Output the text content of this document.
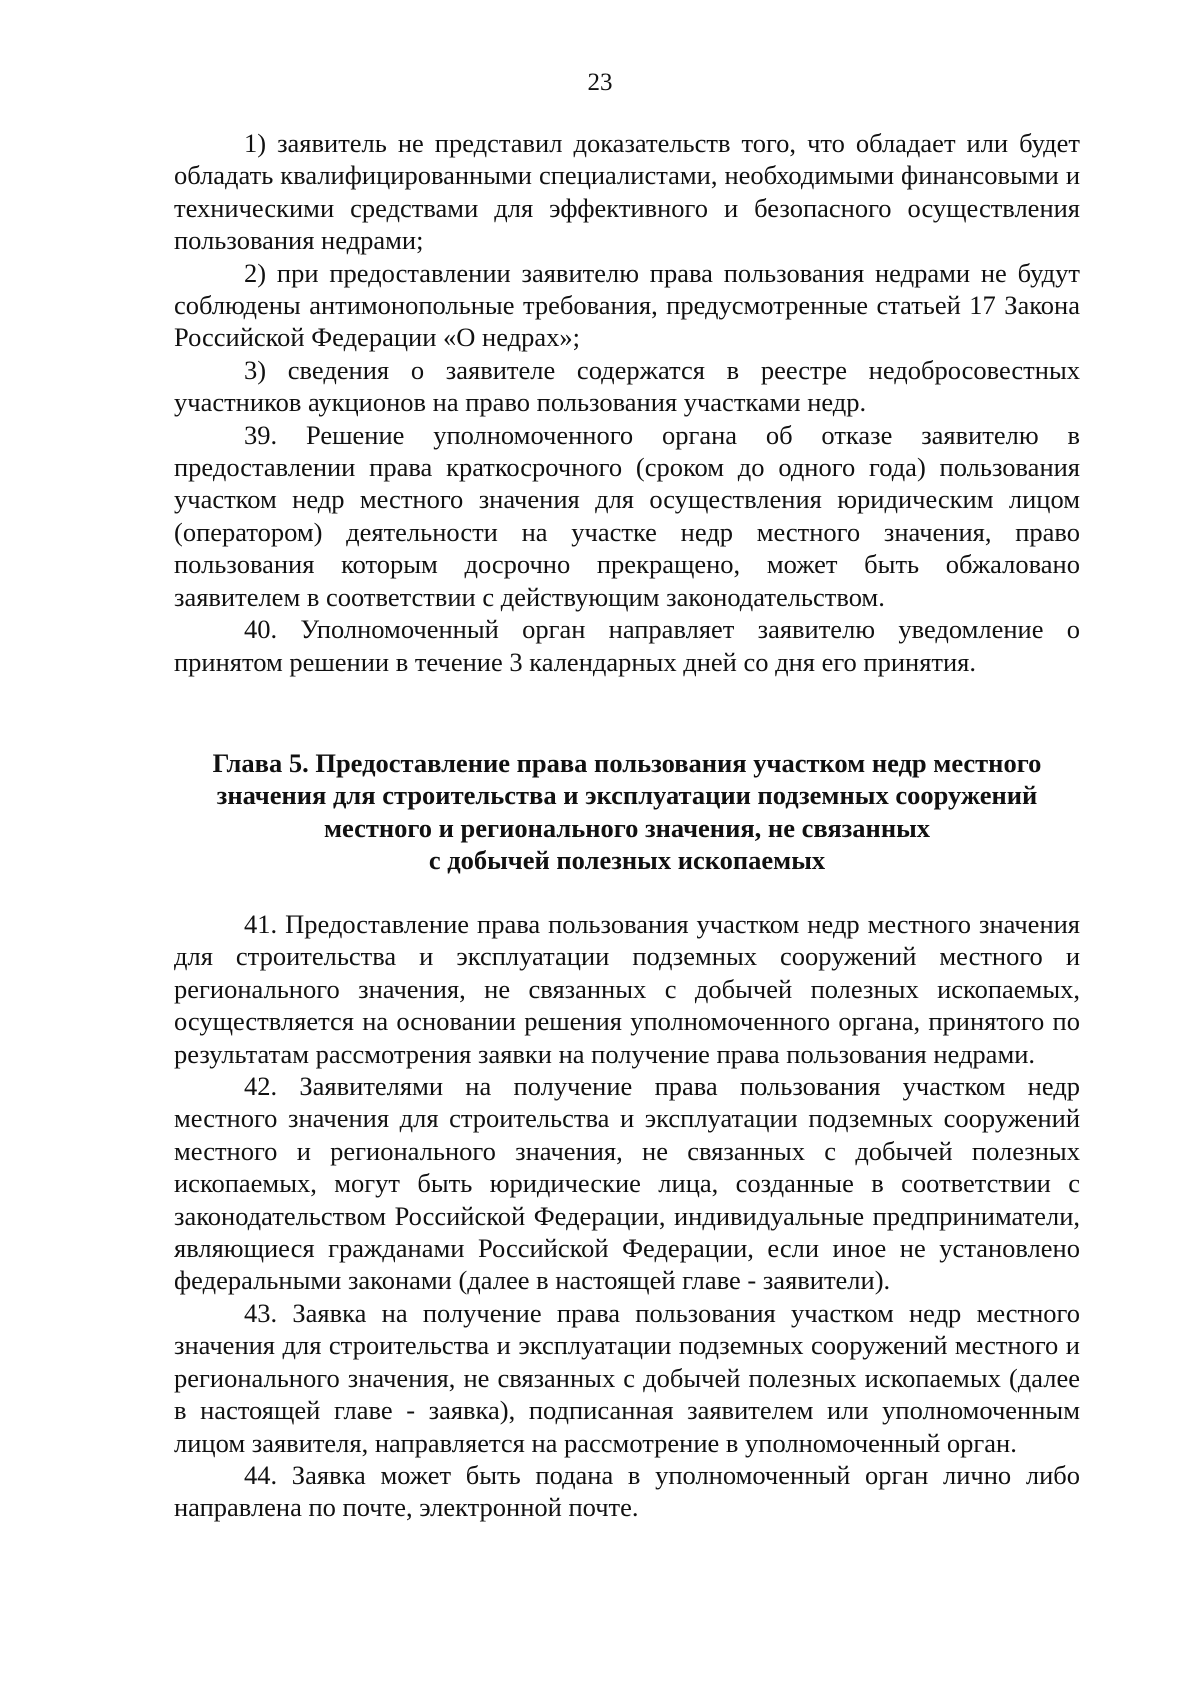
23

1) заявитель не представил доказательств того, что обладает или будет обладать квалифицированными специалистами, необходимыми финансовыми и техническими средствами для эффективного и безопасного осуществления пользования недрами;

2) при предоставлении заявителю права пользования недрами не будут соблюдены антимонопольные требования, предусмотренные статьей 17 Закона Российской Федерации «О недрах»;

3) сведения о заявителе содержатся в реестре недобросовестных участников аукционов на право пользования участками недр.

39. Решение уполномоченного органа об отказе заявителю в предоставлении права краткосрочного (сроком до одного года) пользования участком недр местного значения для осуществления юридическим лицом (оператором) деятельности на участке недр местного значения, право пользования которым досрочно прекращено, может быть обжаловано заявителем в соответствии с действующим законодательством.

40. Уполномоченный орган направляет заявителю уведомление о принятом решении в течение 3 календарных дней со дня его принятия.

Глава 5. Предоставление права пользования участком недр местного
значения для строительства и эксплуатации подземных сооружений
местного и регионального значения, не связанных
с добычей полезных ископаемых

41. Предоставление права пользования участком недр местного значения для строительства и эксплуатации подземных сооружений местного и регионального значения, не связанных с добычей полезных ископаемых, осуществляется на основании решения уполномоченного органа, принятого по результатам рассмотрения заявки на получение права пользования недрами.

42. Заявителями на получение права пользования участком недр местного значения для строительства и эксплуатации подземных сооружений местного и регионального значения, не связанных с добычей полезных ископаемых, могут быть юридические лица, созданные в соответствии с законодательством Российской Федерации, индивидуальные предприниматели, являющиеся гражданами Российской Федерации, если иное не установлено федеральными законами (далее в настоящей главе - заявители).

43. Заявка на получение права пользования участком недр местного значения для строительства и эксплуатации подземных сооружений местного и регионального значения, не связанных с добычей полезных ископаемых (далее в настоящей главе - заявка), подписанная заявителем или уполномоченным лицом заявителя, направляется на рассмотрение в уполномоченный орган.

44. Заявка может быть подана в уполномоченный орган лично либо направлена по почте, электронной почте.
